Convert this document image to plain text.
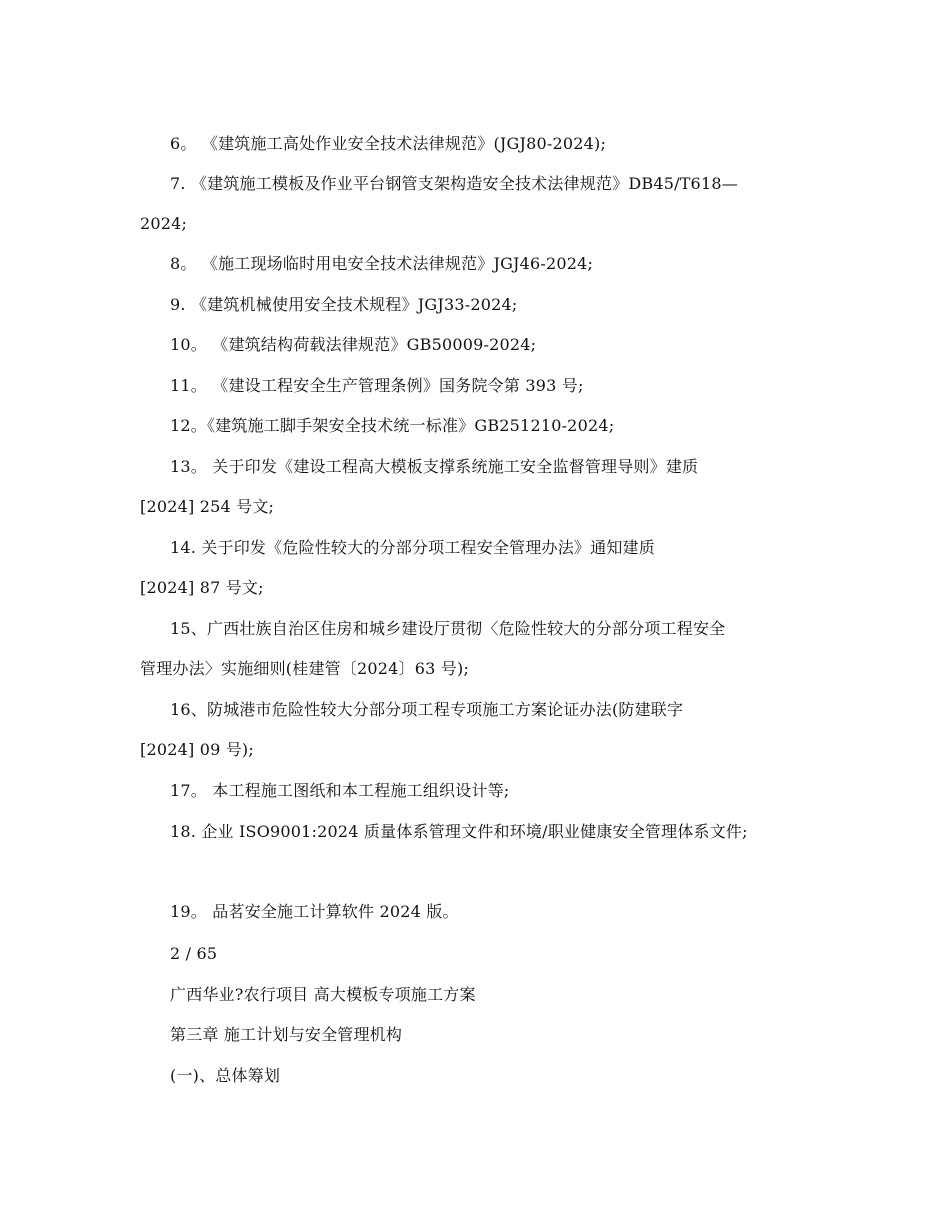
6。 《建筑施工高处作业安全技术法律规范》(JGJ80-2024);
7. 《建筑施工模板及作业平台钢管支架构造安全技术法律规范》DB45/T618—
2024;
8。 《施工现场临时用电安全技术法律规范》JGJ46-2024;
9. 《建筑机械使用安全技术规程》JGJ33-2024;
10。 《建筑结构荷载法律规范》GB50009-2024;
11。 《建设工程安全生产管理条例》国务院令第 393 号;
12。《建筑施工脚手架安全技术统一标准》GB251210-2024;
13。 关于印发《建设工程高大模板支撑系统施工安全监督管理导则》建质
[2024] 254 号文;
14. 关于印发《危险性较大的分部分项工程安全管理办法》通知建质
[2024] 87 号文;
15、广西壮族自治区住房和城乡建设厅贯彻〈危险性较大的分部分项工程安全
管理办法〉实施细则(桂建管〔2024〕63 号);
16、防城港市危险性较大分部分项工程专项施工方案论证办法(防建联字
[2024] 09 号);
17。 本工程施工图纸和本工程施工组织设计等;
18. 企业 ISO9001:2024 质量体系管理文件和环境/职业健康安全管理体系文件;
19。 品茗安全施工计算软件 2024 版。
2 / 65
广西华业?农行项目 高大模板专项施工方案
第三章 施工计划与安全管理机构
(一)、总体筹划
